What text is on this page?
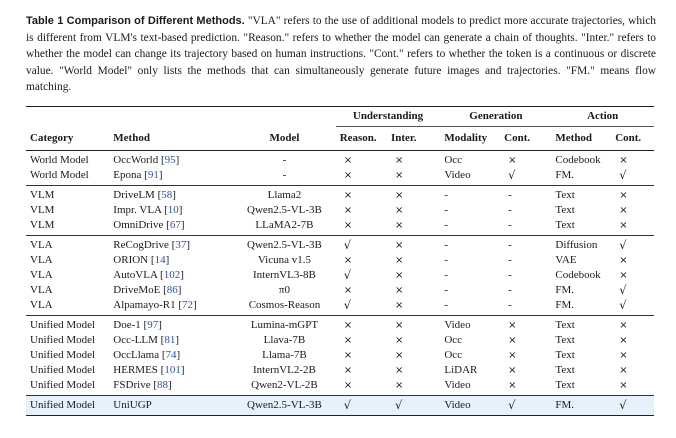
Table 1 Comparison of Different Methods. "VLA" refers to the use of additional models to predict more accurate trajectories, which is different from VLM's text-based prediction. "Reason." refers to whether the model can generate a chain of thoughts. "Inter." refers to whether the model can change its trajectory based on human instructions. "Cont." refers to whether the token is a continuous or discrete value. "World Model" only lists the methods that can simultaneously generate future images and trajectories. "FM." means flow matching.
			Understanding		Generation		Action	
Category	Method	Model	Reason.	Inter.	Modality	Cont.	Method	Cont.
World Model	OccWorld [95]	-	×	×	Occ	×	Codebook	×
World Model	Epona [91]	-	×	×	Video	√	FM.	√
VLM	DriveLM [58]	Llama2	×	×	-	-	Text	×
VLM	Impr. VLA [10]	Qwen2.5-VL-3B	×	×	-	-	Text	×
VLM	OmniDrive [67]	LLaMA2-7B	×	×	-	-	Text	×
VLA	ReCogDrive [37]	Qwen2.5-VL-3B	√	×	-	-	Diffusion	√
VLA	ORION [14]	Vicuna v1.5	×	×	-	-	VAE	×
VLA	AutoVLA [102]	InternVL3-8B	√	×	-	-	Codebook	×
VLA	DriveMoE [86]	π0	×	×	-	-	FM.	√
VLA	Alpamayo-R1 [72]	Cosmos-Reason	√	×	-	-	FM.	√
Unified Model	Doe-1 [97]	Lumina-mGPT	×	×	Video	×	Text	×
Unified Model	Occ-LLM [81]	Llava-7B	×	×	Occ	×	Text	×
Unified Model	OccLlama [74]	Llama-7B	×	×	Occ	×	Text	×
Unified Model	HERMES [101]	InternVL2-2B	×	×	LiDAR	×	Text	×
Unified Model	FSDrive [88]	Qwen2-VL-2B	×	×	Video	×	Text	×
Unified Model	UniUGP	Qwen2.5-VL-3B	√	√	Video	√	FM.	√
